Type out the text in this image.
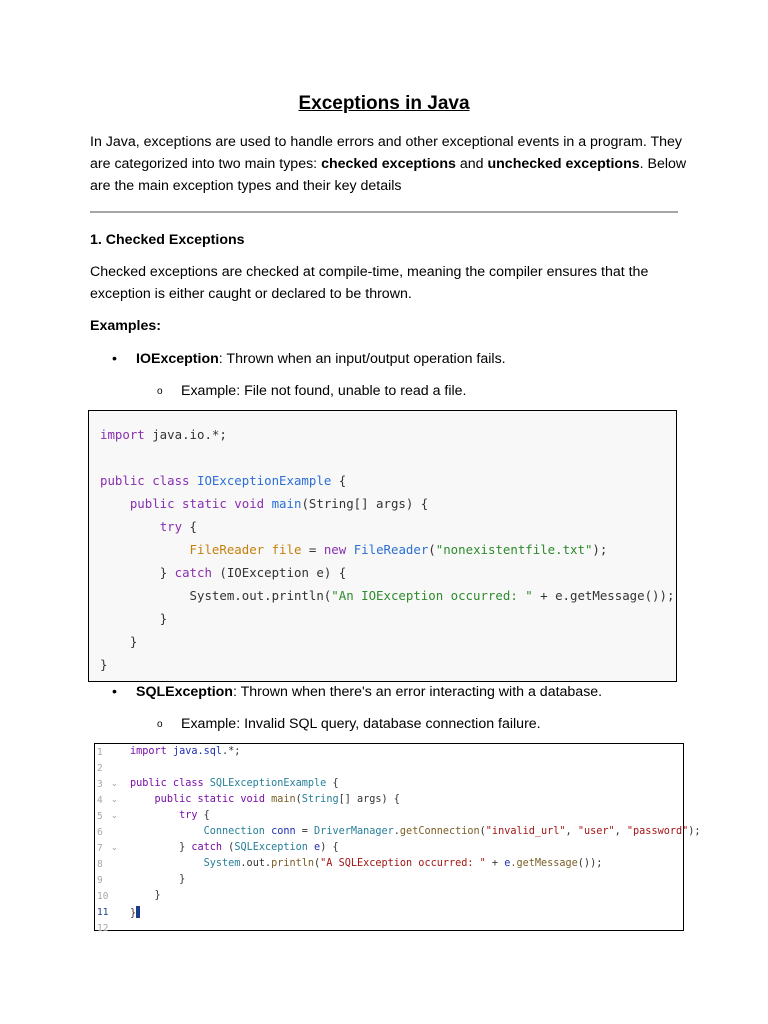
Exceptions in Java
In Java, exceptions are used to handle errors and other exceptional events in a program. They are categorized into two main types: checked exceptions and unchecked exceptions. Below are the main exception types and their key details
1. Checked Exceptions
Checked exceptions are checked at compile-time, meaning the compiler ensures that the exception is either caught or declared to be thrown.
Examples:
• IOException: Thrown when an input/output operation fails.
o Example: File not found, unable to read a file.
import java.io.*;

public class IOExceptionExample {
public static void main(String[] args) {
try {
FileReader file = new FileReader("nonexistentfile.txt");
} catch (IOException e) {
System.out.println("An IOException occurred: " + e.getMessage());
}
}
}
• SQLException: Thrown when there's an error interacting with a database.
o Example: Invalid SQL query, database connection failure.
1
2
3
4
5
6
7
8
9
10
11
12
⌄
⌄
⌄
⌄
import java.sql.*;
public class SQLExceptionExample {
public static void main(String[] args) {
try {
Connection conn = DriverManager.getConnection("invalid_url", "user", "password");
} catch (SQLException e) {
System.out.println("A SQLException occurred: " + e.getMessage());
}
}
}
